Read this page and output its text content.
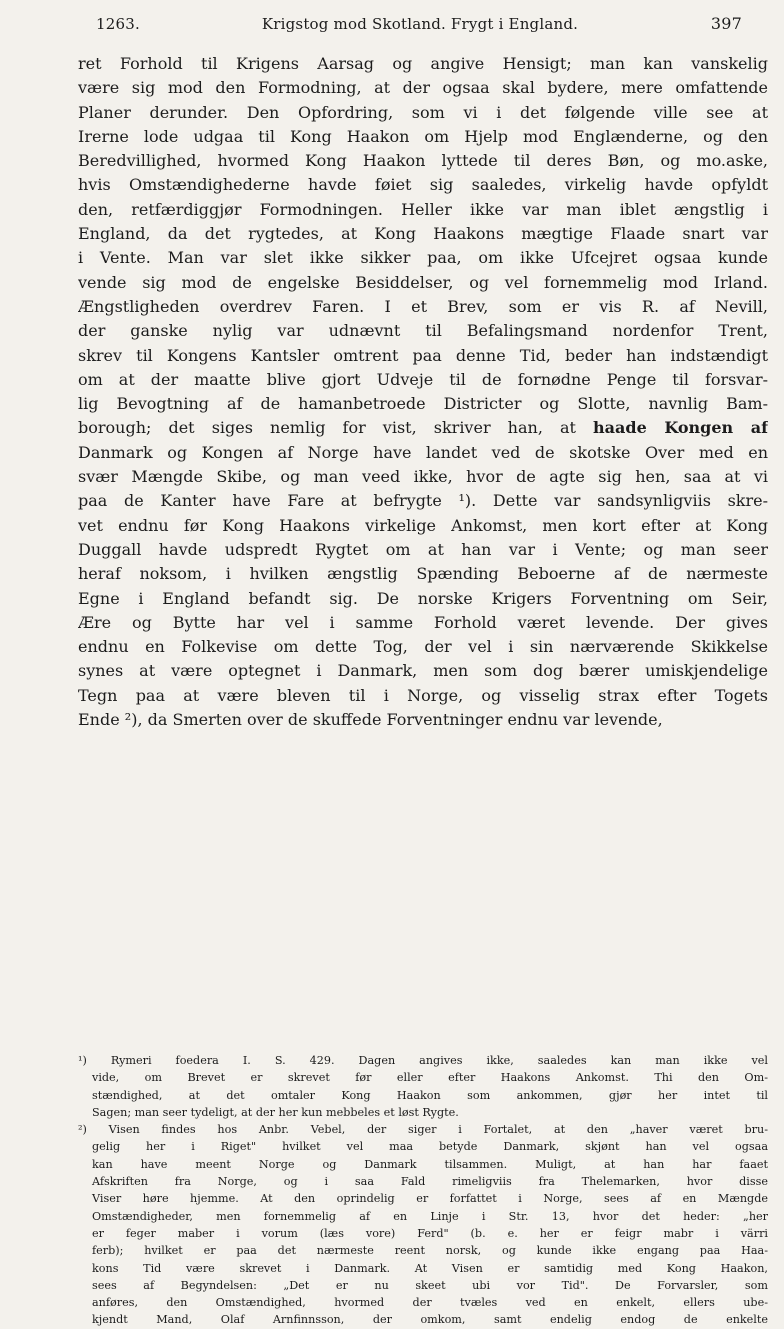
1263.	Krigstog mod Skotland. Frygt i England.	397
ret Forhold til Krigens Aarsag og angive Hensigt; man kan vanskelig
være sig mod den Formodning, at der ogsaa skal bydere, mere omfattende
Planer derunder. Den Opfordring, som vi i det følgende ville see at
Irerne lode udgaa til Kong Haakon om Hjelp mod Englænderne, og den
Beredvillighed, hvormed Kong Haakon lyttede til deres Bøn, og mo.aske,
hvis Omstændighederne havde føiet sig saaledes, virkelig havde opfyldt
den, retfærdiggjør Formodningen. Heller ikke var man iblet ængstlig i
England, da det rygtedes, at Kong Haakons mægtige Flaade snart var
i Vente. Man var slet ikke sikker paa, om ikke Ufcejret ogsaa kunde
vende sig mod de engelske Besiddelser, og vel fornemmelig mod Irland.
Ængstligheden overdrev Faren. I et Brev, som er vis R. af Nevill,
der ganske nylig var udnævnt til Befalingsmand nordenfor Trent,
skrev til Kongens Kantsler omtrent paa denne Tid, beder han indstændigt
om at der maatte blive gjort Udveje til de fornødne Penge til forsvar-
lig Bevogtning af de hamanbetroede Districter og Slotte, navnlig Bam-
borough; det siges nemlig for vist, skriver han, at haade Kongen af
Danmark og Kongen af Norge have landet ved de skotske Over med en
svær Mængde Skibe, og man veed ikke, hvor de agte sig hen, saa at vi
paa de Kanter have Fare at befrygte ¹). Dette var sandsynligviis skre-
vet endnu før Kong Haakons virkelige Ankomst, men kort efter at Kong
Duggall havde udspredt Rygtet om at han var i Vente; og man seer
heraf noksom, i hvilken ængstlig Spænding Beboerne af de nærmeste
Egne i England befandt sig. De norske Krigers Forventning om Seir,
Ære og Bytte har vel i samme Forhold været levende. Der gives
endnu en Folkevise om dette Tog, der vel i sin nærværende Skikkelse
synes at være optegnet i Danmark, men som dog bærer umiskjendelige
Tegn paa at være bleven til i Norge, og visselig strax efter Togets
Ende ²), da Smerten over de skuffede Forventninger endnu var levende,
¹) Rymeri foedera I. S. 429. Dagen angives ikke, saaledes kan man ikke vel
vide, om Brevet er skrevet før eller efter Haakons Ankomst. Thi den Om-
stændighed, at det omtaler Kong Haakon som ankommen, gjør her intet til
Sagen; man seer tydeligt, at der her kun mebbeles et løst Rygte.
²) Visen findes hos Anbr. Vebel, der siger i Fortalet, at den „haver været bru-
gelig her i Riget" hvilket vel maa betyde Danmark, skjønt han vel ogsaa
kan have meent Norge og Danmark tilsammen. Muligt, at han har faaet
Afskriften fra Norge, og i saa Fald rimeligviis fra Thelemarken, hvor disse
Viser høre hjemme. At den oprindelig er forfattet i Norge, sees af en Mængde
Omstændigheder, men fornemmelig af en Linje i Str. 13, hvor det heder: „her
er feger maber i vorum (læs vore) Ferd" (b. e. her er feigr mabr i värri
ferb); hvilket er paa det nærmeste reent norsk, og kunde ikke engang paa Haa-
kons Tid være skrevet i Danmark. At Visen er samtidig med Kong Haakon,
sees af Begyndelsen: „Det er nu skeet ubi vor Tid". De Forvarsler, som
anføres, den Omstændighed, hvormed der tvæles ved en enkelt, ellers ube-
kjendt Mand, Olaf Arnfinnsson, der omkom, samt endelig endog de enkelte
